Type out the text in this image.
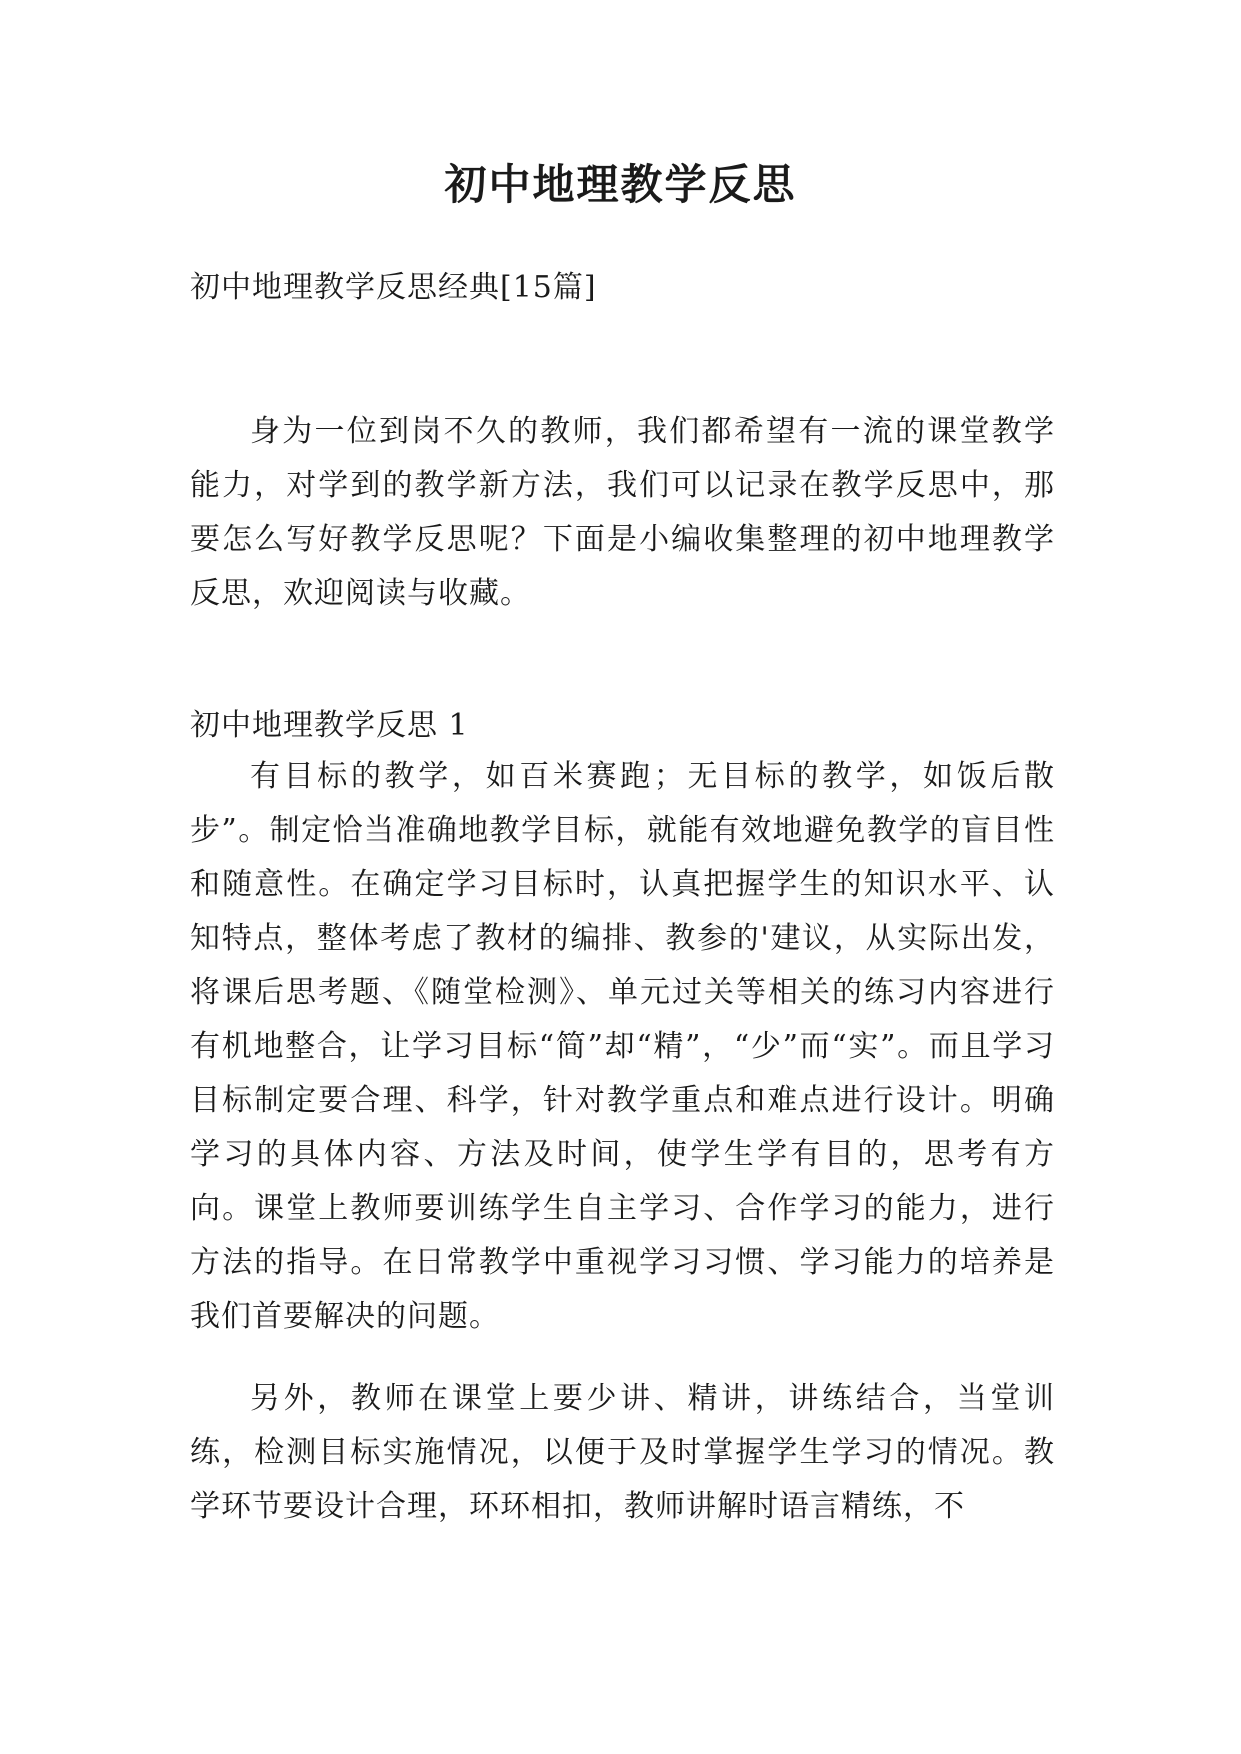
初中地理教学反思

初中地理教学反思经典[15篇]

身为一位到岗不久的教师，我们都希望有一流的课堂教学能力，对学到的教学新方法，我们可以记录在教学反思中，那要怎么写好教学反思呢？下面是小编收集整理的初中地理教学反思，欢迎阅读与收藏。

初中地理教学反思 1

有目标的教学，如百米赛跑；无目标的教学，如饭后散步”。制定恰当准确地教学目标，就能有效地避免教学的盲目性和随意性。在确定学习目标时，认真把握学生的知识水平、认知特点，整体考虑了教材的编排、教参的'建议，从实际出发，将课后思考题、《随堂检测》、单元过关等相关的练习内容进行有机地整合，让学习目标“简”却“精”，“少”而“实”。而且学习目标制定要合理、科学，针对教学重点和难点进行设计。明确学习的具体内容、方法及时间，使学生学有目的，思考有方向。课堂上教师要训练学生自主学习、合作学习的能力，进行方法的指导。在日常教学中重视学习习惯、学习能力的培养是我们首要解决的问题。

另外，教师在课堂上要少讲、精讲，讲练结合，当堂训练，检测目标实施情况，以便于及时掌握学生学习的情况。教学环节要设计合理，环环相扣，教师讲解时语言精练，不
